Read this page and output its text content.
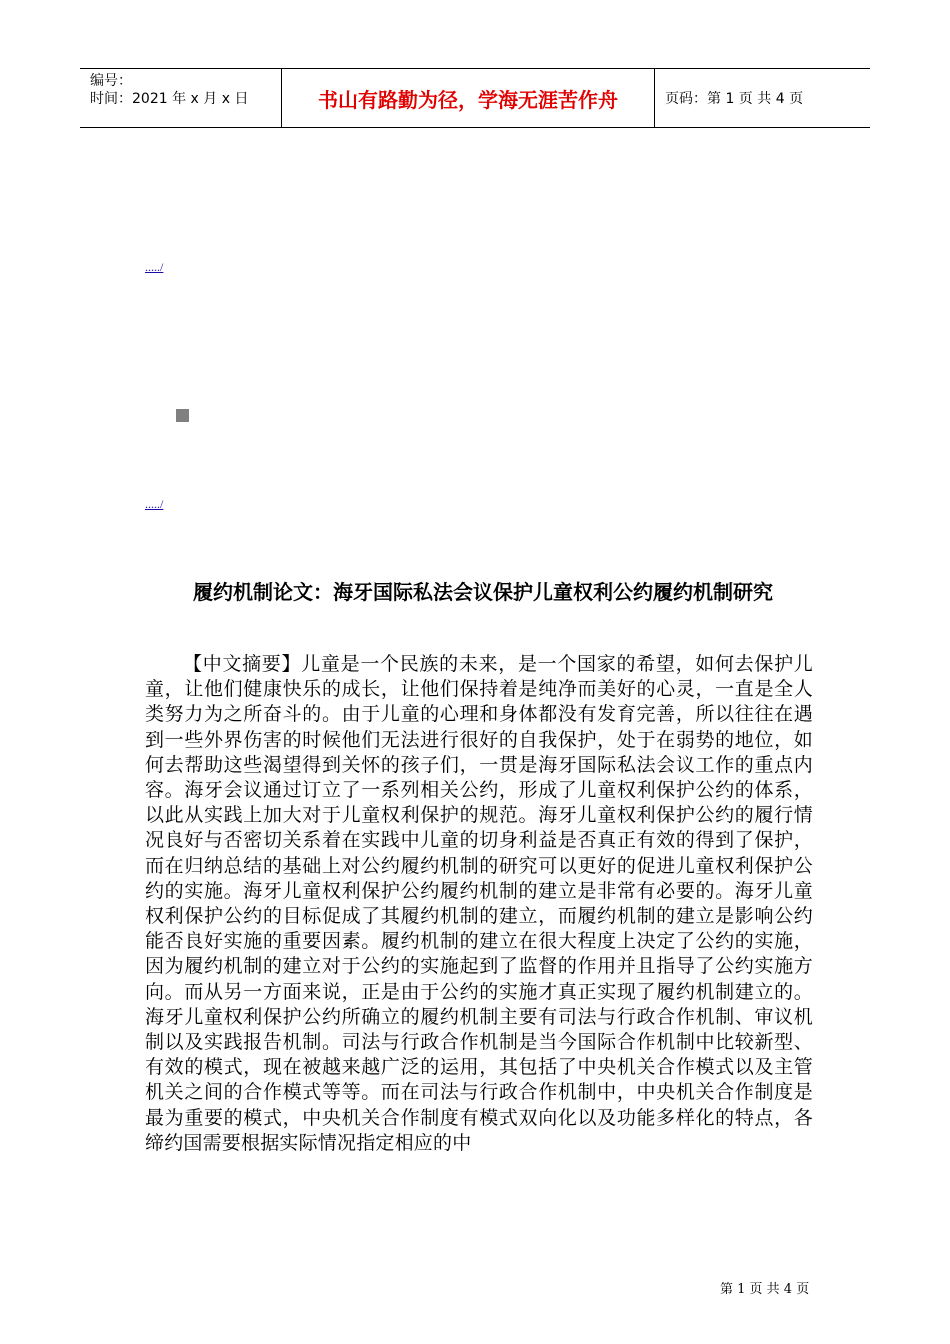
编号：
时间：2021 年 x 月 x 日	书山有路勤为径，学海无涯苦作舟	页码：第 1 页 共 4 页
...../
...../
履约机制论文：海牙国际私法会议保护儿童权利公约履约机制研究
【中文摘要】儿童是一个民族的未来，是一个国家的希望，如何去保护儿童，让他们健康快乐的成长，让他们保持着是纯净而美好的心灵，一直是全人类努力为之所奋斗的。由于儿童的心理和身体都没有发育完善，所以往往在遇到一些外界伤害的时候他们无法进行很好的自我保护，处于在弱势的地位，如何去帮助这些渴望得到关怀的孩子们，一贯是海牙国际私法会议工作的重点内容。海牙会议通过订立了一系列相关公约，形成了儿童权利保护公约的体系，以此从实践上加大对于儿童权利保护的规范。海牙儿童权利保护公约的履行情况良好与否密切关系着在实践中儿童的切身利益是否真正有效的得到了保护，而在归纳总结的基础上对公约履约机制的研究可以更好的促进儿童权利保护公约的实施。海牙儿童权利保护公约履约机制的建立是非常有必要的。海牙儿童权利保护公约的目标促成了其履约机制的建立，而履约机制的建立是影响公约能否良好实施的重要因素。履约机制的建立在很大程度上决定了公约的实施，因为履约机制的建立对于公约的实施起到了监督的作用并且指导了公约实施方向。而从另一方面来说，正是由于公约的实施才真正实现了履约机制建立的。海牙儿童权利保护公约所确立的履约机制主要有司法与行政合作机制、审议机制以及实践报告机制。司法与行政合作机制是当今国际合作机制中比较新型、有效的模式，现在被越来越广泛的运用，其包括了中央机关合作模式以及主管机关之间的合作模式等等。而在司法与行政合作机制中，中央机关合作制度是最为重要的模式，中央机关合作制度有模式双向化以及功能多样化的特点，各缔约国需要根据实际情况指定相应的中
第 1 页 共 4 页
